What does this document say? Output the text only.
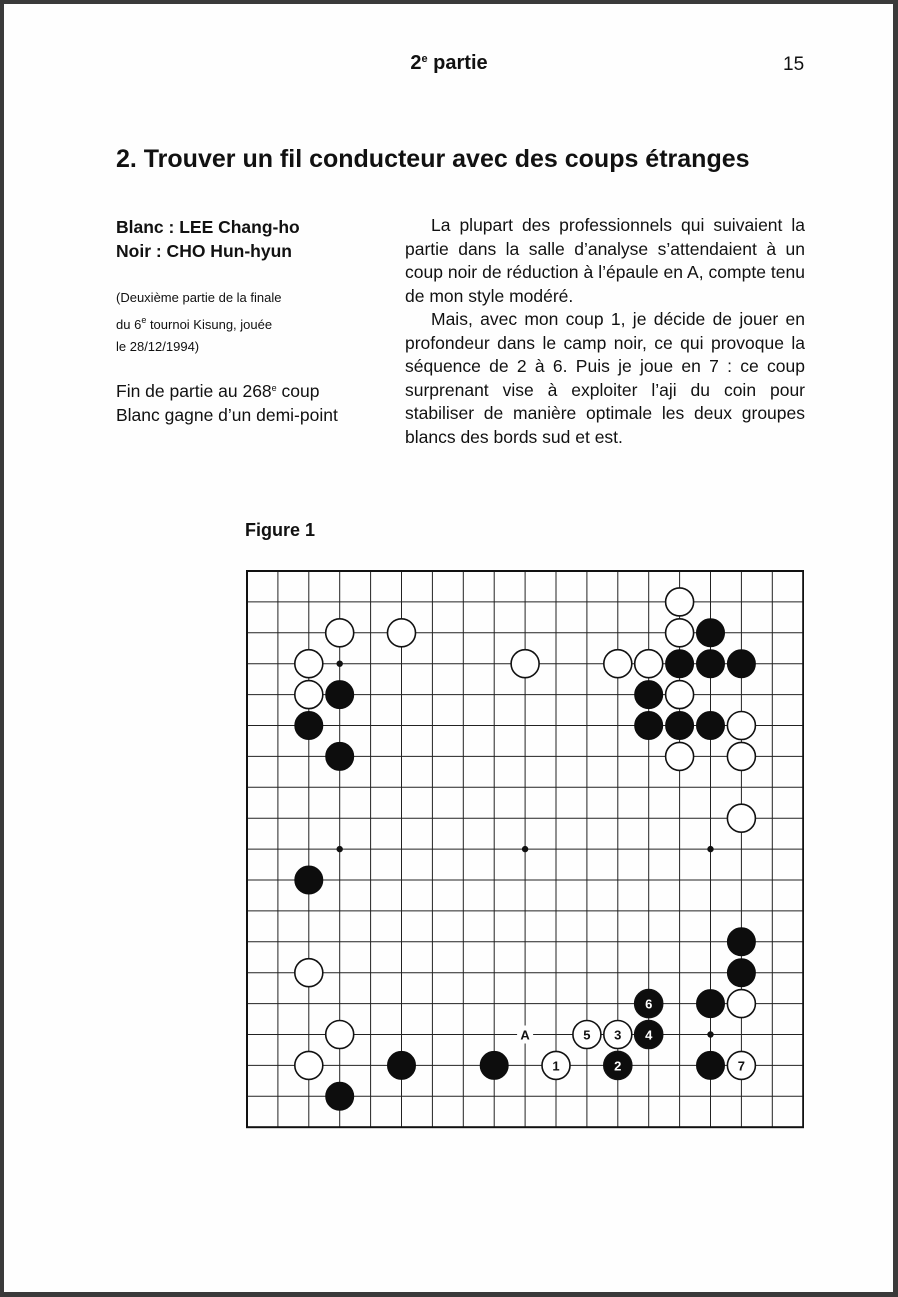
2e partie	15
2. Trouver un fil conducteur avec des coups étranges
Blanc : LEE Chang-ho
Noir : CHO Hun-hyun
(Deuxième partie de la finale
du 6e tournoi Kisung, jouée
le 28/12/1994)
Fin de partie au 268e coup
Blanc gagne d’un demi-point

La plupart des professionnels qui suivaient la partie dans la salle d’analyse s’attendaient à un coup noir de réduction à l’épaule en A, compte tenu de mon style modéré.

Mais, avec mon coup 1, je décide de jouer en profondeur dans le camp noir, ce qui provoque la séquence de 2 à 6. Puis je joue en 7 : ce coup surprenant vise à exploiter l’aji du coin pour stabiliser de manière optimale les deux groupes blancs des bords sud et est.

Figure 1
A
1	2
3 4
5
6
7
